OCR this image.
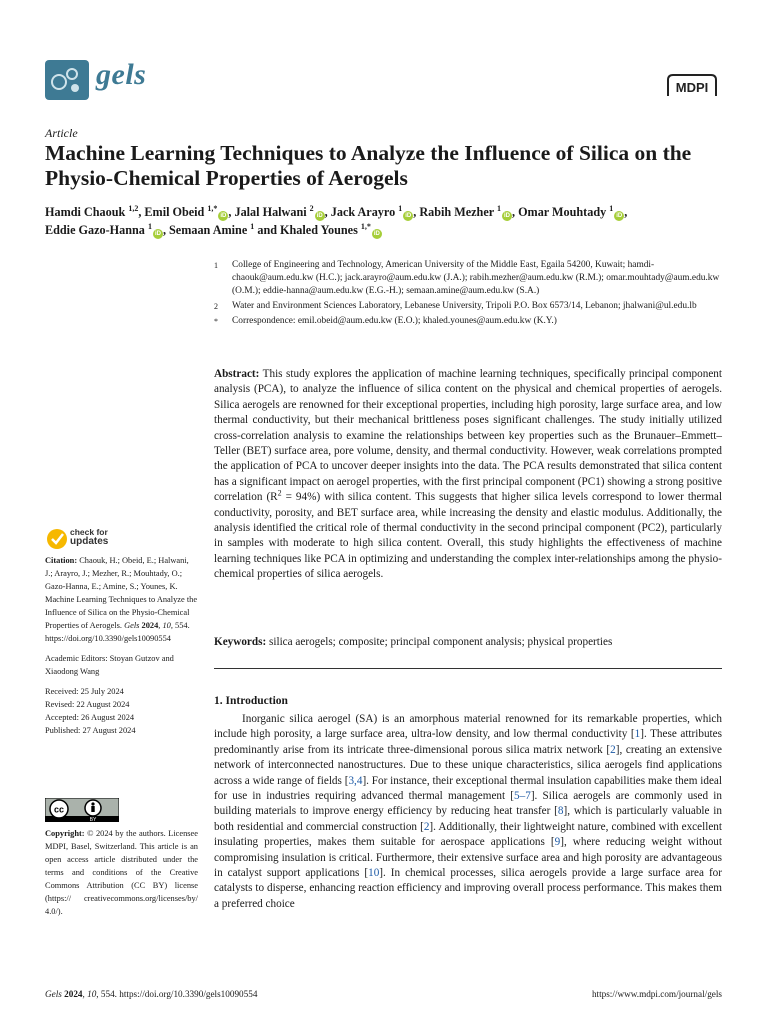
gels	MDPI
Article
Machine Learning Techniques to Analyze the Influence of Silica on the Physio-Chemical Properties of Aerogels
Hamdi Chaouk $^{1,2}$, Emil Obeid $^{1,*}$iD , Jalal Halwani $^2$iD , Jack Arayro $^1$iD , Rabih Mezher $^1$iD , Omar Mouhtady $^1$iD ,
Eddie Gazo-Hanna $^1$iD , Semaan Amine $^1$ and Khaled Younes $^{1,*}$iD
1	College of Engineering and Technology, American University of the Middle East, Egaila 54200, Kuwait; hamdi-chaouk@aum.edu.kw (H.C.); jack.arayro@aum.edu.kw (J.A.); rabih.mezher@aum.edu.kw (R.M.); omar.mouhtady@aum.edu.kw (O.M.); eddie-hanna@aum.edu.kw (E.G.-H.); semaan.amine@aum.edu.kw (S.A.)
2	Water and Environment Sciences Laboratory, Lebanese University, Tripoli P.O. Box 6573/14, Lebanon; jhalwani@ul.edu.lb
*	Correspondence: emil.obeid@aum.edu.kw (E.O.); khaled.younes@aum.edu.kw (K.Y.)
Abstract: This study explores the application of machine learning techniques, specifically principal component analysis (PCA), to analyze the influence of silica content on the physical and chemical properties of aerogels. Silica aerogels are renowned for their exceptional properties, including high porosity, large surface area, and low thermal conductivity, but their mechanical brittleness poses significant challenges. The study initially utilized cross-correlation analysis to examine the relationships between key properties such as the Brunauer–Emmett–Teller (BET) surface area, pore volume, density, and thermal conductivity. However, weak correlations prompted the application of PCA to uncover deeper insights into the data. The PCA results demonstrated that silica content has a significant impact on aerogel properties, with the first principal component (PC1) showing a strong positive correlation $(R^2 = 94\%)$ with silica content. This suggests that higher silica levels correspond to lower thermal conductivity, porosity, and BET surface area, while increasing the density and elastic modulus. Additionally, the analysis identified the critical role of thermal conductivity in the second principal component (PC2), particularly in samples with moderate to high silica content. Overall, this study highlights the effectiveness of machine learning techniques like PCA in optimizing and understanding the complex inter-relationships among the physio-chemical properties of silica aerogels.
Keywords: silica aerogels; composite; principal component analysis; physical properties
1. Introduction
Inorganic silica aerogel (SA) is an amorphous material renowned for its remarkable properties, which include high porosity, a large surface area, ultra-low density, and low thermal conductivity [1]. These attributes predominantly arise from its intricate three-dimensional porous silica matrix network [2], creating an extensive network of interconnected nanostructures. Due to these unique characteristics, silica aerogels find applications across a wide range of fields [3,4]. For instance, their exceptional thermal insulation capabilities make them ideal for use in industries requiring advanced thermal management [5–7]. Silica aerogels are commonly used in building materials to improve energy efficiency by reducing heat transfer [8], which is particularly valuable in both residential and commercial construction [2]. Additionally, their lightweight nature, combined with excellent insulating properties, makes them suitable for aerospace applications [9], where reducing weight without compromising insulation is critical. Furthermore, their extensive surface area and high porosity are advantageous in catalyst support applications [10]. In chemical processes, silica aerogels provide a large surface area for catalysts to disperse, enhancing reaction efficiency and improving overall process performance. This makes them a preferred choice
check for
updates

Citation: Chaouk, H.; Obeid, E.; Halwani, J.; Arayro, J.; Mezher, R.; Mouhtady, O.; Gazo-Hanna, E.; Amine, S.; Younes, K. Machine Learning Techniques to Analyze the Influence of Silica on the Physio-Chemical Properties of Aerogels. Gels 2024, 10, 554. https://doi.org/10.3390/gels10090554

Academic Editors: Stoyan Gutzov and Xiaodong Wang

Received: 25 July 2024

Revised: 22 August 2024

Accepted: 26 August 2024

Published: 27 August 2024

cc
BY
Copyright: © 2024 by the authors. Licensee MDPI, Basel, Switzerland. This article is an open access article distributed under the terms and conditions of the Creative Commons Attribution (CC BY) license (https:// creativecommons.org/licenses/by/ 4.0/).
Gels 2024, 10, 554. https://doi.org/10.3390/gels10090554	https://www.mdpi.com/journal/gels
